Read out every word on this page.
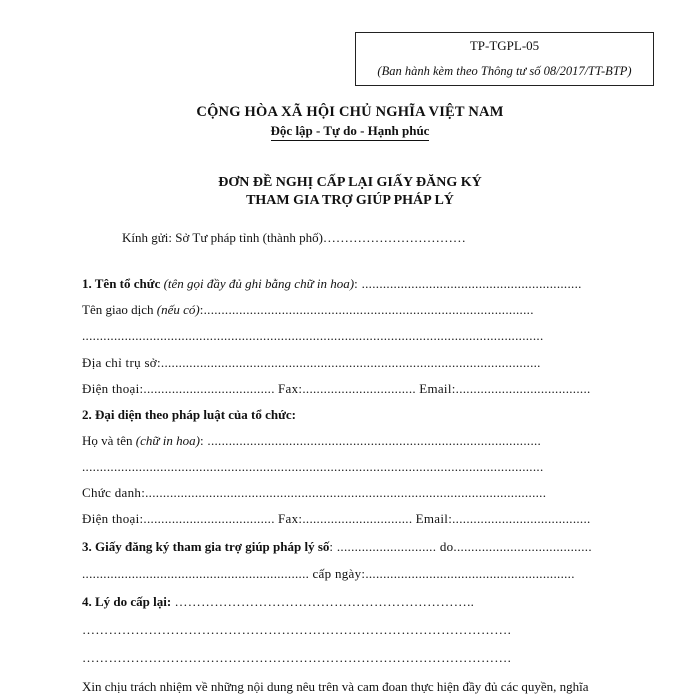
TP-TGPL-05
(Ban hành kèm theo Thông tư số 08/2017/TT-BTP)
CỘNG HÒA XÃ HỘI CHỦ NGHĨA VIỆT NAM
Độc lập - Tự do - Hạnh phúc
ĐƠN ĐỀ NGHỊ CẤP LẠI GIẤY ĐĂNG KÝ
THAM GIA TRỢ GIÚP PHÁP LÝ
Kính gửi: Sở Tư pháp tỉnh (thành phố)……………………………
1. Tên tổ chức (tên gọi đầy đủ ghi bằng chữ in hoa): ..............................................................
Tên giao dịch (nếu có):.............................................................................................
..................................................................................................................................
Địa chỉ trụ sở:...........................................................................................................
Điện thoại:..................................... Fax:................................ Email:......................................
2. Đại diện theo pháp luật của tổ chức:
Họ và tên (chữ in hoa): ..............................................................................................
..................................................................................................................................
Chức danh:.................................................................................................................
Điện thoại:..................................... Fax:............................... Email:.......................................
3. Giấy đăng ký tham gia trợ giúp pháp lý số: ............................ do.......................................
................................................................ cấp ngày:...........................................................
4. Lý do cấp lại: …………………………………………………………..
…………………………………………………………………………………….
…………………………………………………………………………………….
Xin chịu trách nhiệm về những nội dung nêu trên và cam đoan thực hiện đầy đủ các quyền, nghĩa
